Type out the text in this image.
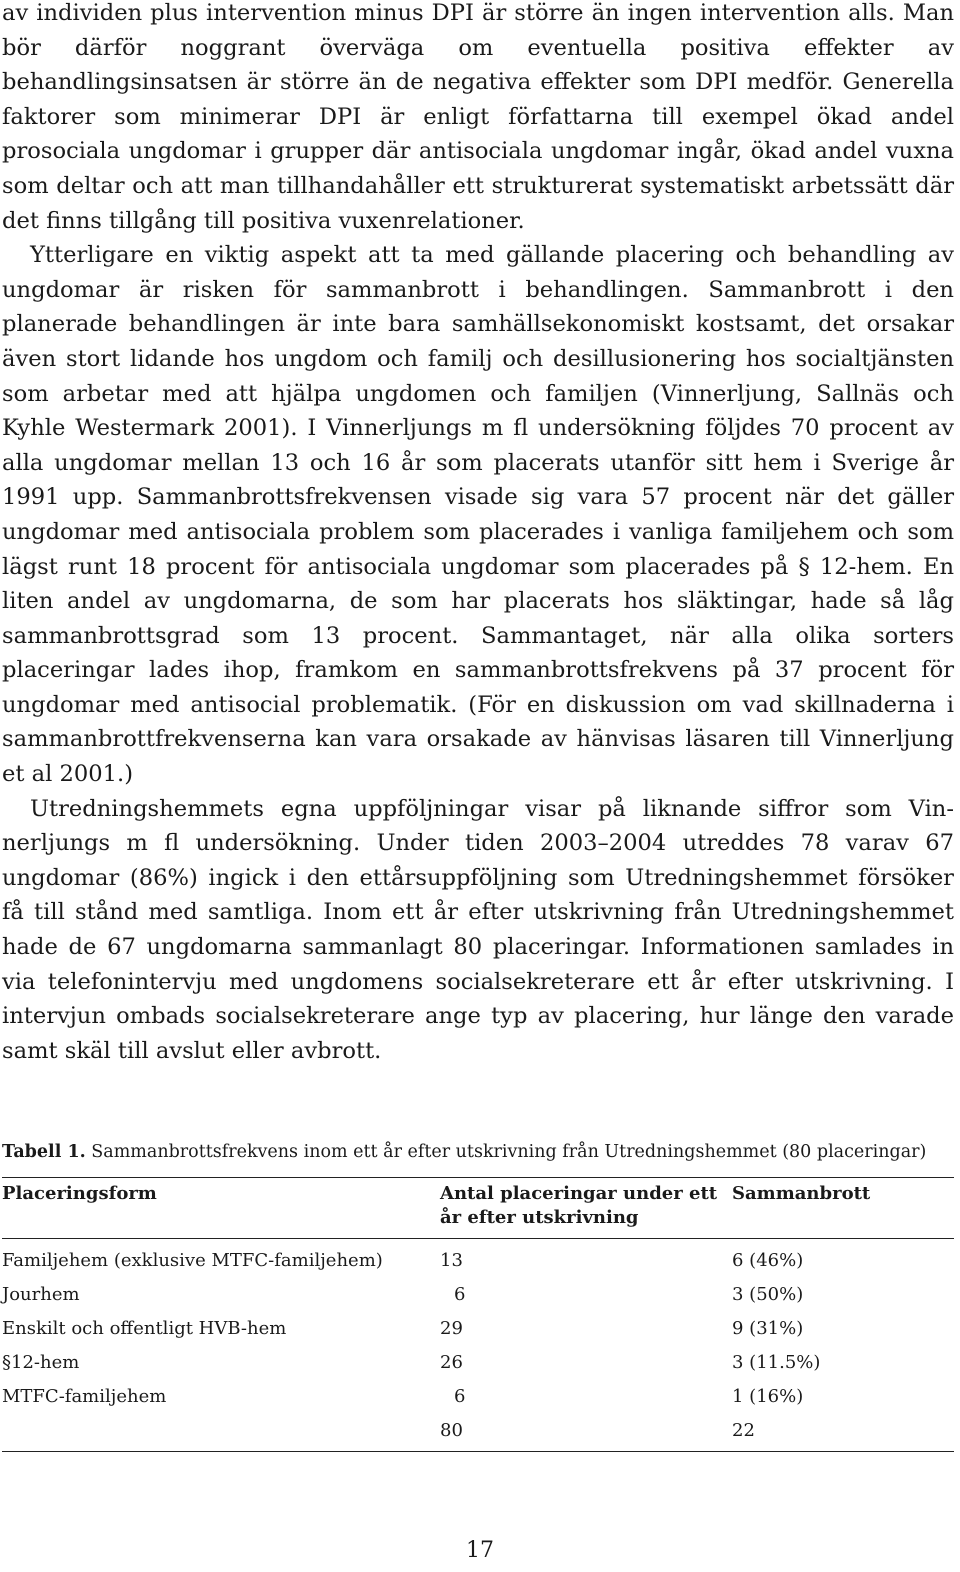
av individen plus intervention minus DPI är större än ingen intervention alls. Man bör därför noggrant överväga om eventuella positiva effekter av behandlingsinsatsen är större än de negativa effekter som DPI medför. Generella faktorer som minimerar DPI är enligt författarna till exempel ökad andel prosociala ungdomar i grupper där antisociala ungdomar ingår, ökad andel vuxna som deltar och att man tillhandahåller ett strukturerat systematiskt arbetssätt där det finns tillgång till positiva vuxenrelationer.

Ytterligare en viktig aspekt att ta med gällande placering och behandling av ungdomar är risken för sammanbrott i behandlingen. Sammanbrott i den planerade behandlingen är inte bara samhällsekonomiskt kostsamt, det orsakar även stort lidande hos ungdom och familj och desillusionering hos socialtjänsten som arbetar med att hjälpa ungdomen och familjen (Vinnerljung, Sallnäs och Kyhle Westermark 2001). I Vinnerljungs m fl undersökning följdes 70 procent av alla ungdomar mellan 13 och 16 år som placerats utanför sitt hem i Sverige år 1991 upp. Sammanbrottsfrekvensen visade sig vara 57 procent när det gäller ungdomar med antisociala problem som placerades i vanliga familjehem och som lägst runt 18 procent för antisociala ungdomar som placerades på § 12-hem. En liten andel av ungdomarna, de som har placerats hos släktingar, hade så låg sammanbrottsgrad som 13 procent. Sammantaget, när alla olika sorters placeringar lades ihop, framkom en sammanbrottsfrekvens på 37 procent för ungdomar med antisocial problematik. (För en diskussion om vad skillnaderna i sammanbrottfrekvenserna kan vara orsakade av hänvisas läsaren till Vinnerljung et al 2001.)

Utredningshemmets egna uppföljningar visar på liknande siffror som Vinnerljungs m fl undersökning. Under tiden 2003–2004 utreddes 78 varav 67 ungdomar (86%) ingick i den ettårsuppföljning som Utredningshemmet försöker få till stånd med samtliga. Inom ett år efter utskrivning från Utredningshemmet hade de 67 ungdomarna sammanlagt 80 placeringar. Informationen samlades in via telefonintervju med ungdomens socialsekreterare ett år efter utskrivning. I intervjun ombads socialsekreterare ange typ av placering, hur länge den varade samt skäl till avslut eller avbrott.

Tabell 1. Sammanbrottsfrekvens inom ett år efter utskrivning från Utredningshemmet (80 placeringar)
Placeringsform	Antal placeringar under ett år efter utskrivning	Sammanbrott
Familjehem (exklusive MTFC-familjehem)	13	6 (46%)
Jourhem	6	3 (50%)
Enskilt och offentligt HVB-hem	29	9 (31%)
§12-hem	26	3 (11.5%)
MTFC-familjehem	6	1 (16%)
	80	22
17
